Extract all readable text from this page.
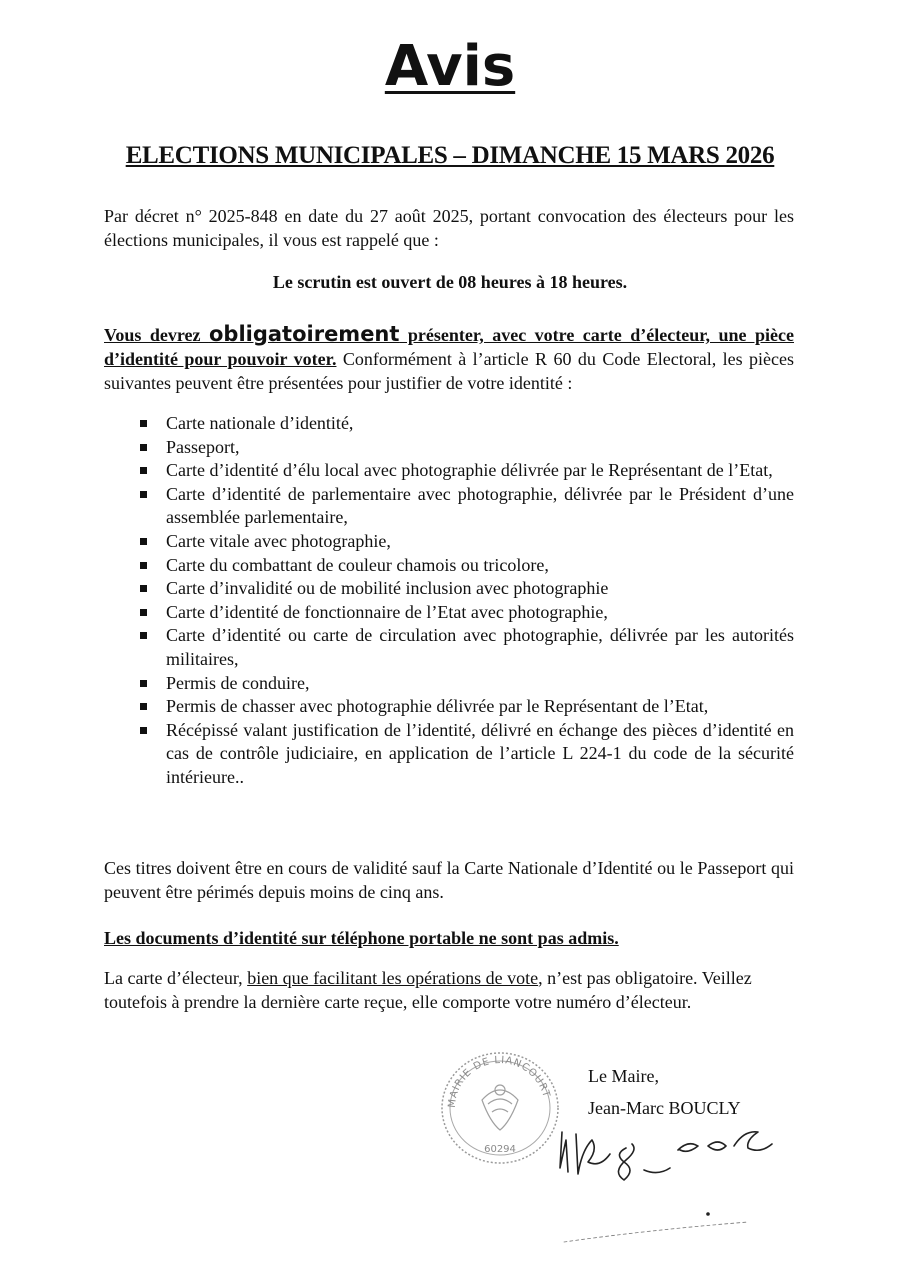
Avis
ELECTIONS MUNICIPALES – DIMANCHE 15 MARS 2026

Par décret n° 2025-848 en date du 27 août 2025, portant convocation des électeurs pour les élections municipales, il vous est rappelé que :

Le scrutin est ouvert de 08 heures à 18 heures.

Vous devrez obligatoirement présenter, avec votre carte d’électeur, une pièce d’identité pour pouvoir voter. Conformément à l’article R 60 du Code Electoral, les pièces suivantes peuvent être présentées pour justifier de votre identité :

Carte nationale d’identité,
Passeport,
Carte d’identité d’élu local avec photographie délivrée par le Représentant de l’Etat,
Carte d’identité de parlementaire avec photographie, délivrée par le Président d’une assemblée parlementaire,
Carte vitale avec photographie,
Carte du combattant de couleur chamois ou tricolore,
Carte d’invalidité ou de mobilité inclusion avec photographie
Carte d’identité de fonctionnaire de l’Etat avec photographie,
Carte d’identité ou carte de circulation avec photographie, délivrée par les autorités militaires,
Permis de conduire,
Permis de chasser avec photographie délivrée par le Représentant de l’Etat,
Récépissé valant justification de l’identité, délivré en échange des pièces d’identité en cas de contrôle judiciaire, en application de l’article L 224-1 du code de la sécurité intérieure..

Ces titres doivent être en cours de validité sauf la Carte Nationale d’Identité ou le Passeport qui peuvent être périmés depuis moins de cinq ans.

Les documents d’identité sur téléphone portable ne sont pas admis.

La carte d’électeur, bien que facilitant les opérations de vote, n’est pas obligatoire. Veillez toutefois à prendre la dernière carte reçue, elle comporte votre numéro d’électeur.

MAIRIE DE LIANCOURT
60294
Le Maire,
Jean-Marc BOUCLY
